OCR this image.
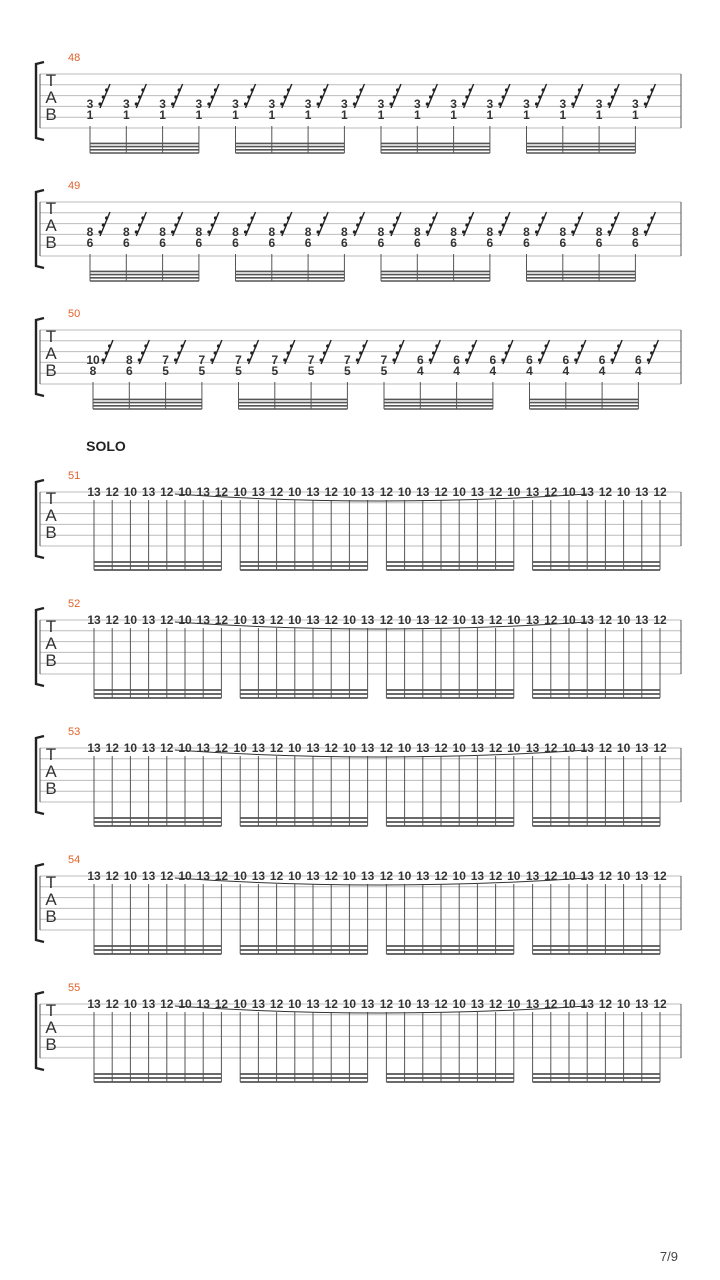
SOLO
T
A
B
48
3
1
3
1
3
1
3
1
3
1
3
1
3
1
3
1
3
1
3
1
3
1
3
1
3
1
3
1
3
1
3
1
T
A
B
49
8
6
8
6
8
6
8
6
8
6
8
6
8
6
8
6
8
6
8
6
8
6
8
6
8
6
8
6
8
6
8
6
T
A
B
50
10
8
8
6
7
5
7
5
7
5
7
5
7
5
7
5
7
5
6
4
6
4
6
4
6
4
6
4
6
4
6
4
T
A
B
51
13 12 10 13 12 10 13 12 10 13 12 10 13 12 10 13 12 10 13 12 10 13 12 10 13 12 10 13 12 10 13 12
T
A
B
52
13 12 10 13 12 10 13 12 10 13 12 10 13 12 10 13 12 10 13 12 10 13 12 10 13 12 10 13 12 10 13 12
T
A
B
53
13 12 10 13 12 10 13 12 10 13 12 10 13 12 10 13 12 10 13 12 10 13 12 10 13 12 10 13 12 10 13 12
T
A
B
54
13 12 10 13 12 10 13 12 10 13 12 10 13 12 10 13 12 10 13 12 10 13 12 10 13 12 10 13 12 10 13 12
T
A
B
55
13 12 10 13 12 10 13 12 10 13 12 10 13 12 10 13 12 10 13 12 10 13 12 10 13 12 10 13 12 10 13 12
7/9
